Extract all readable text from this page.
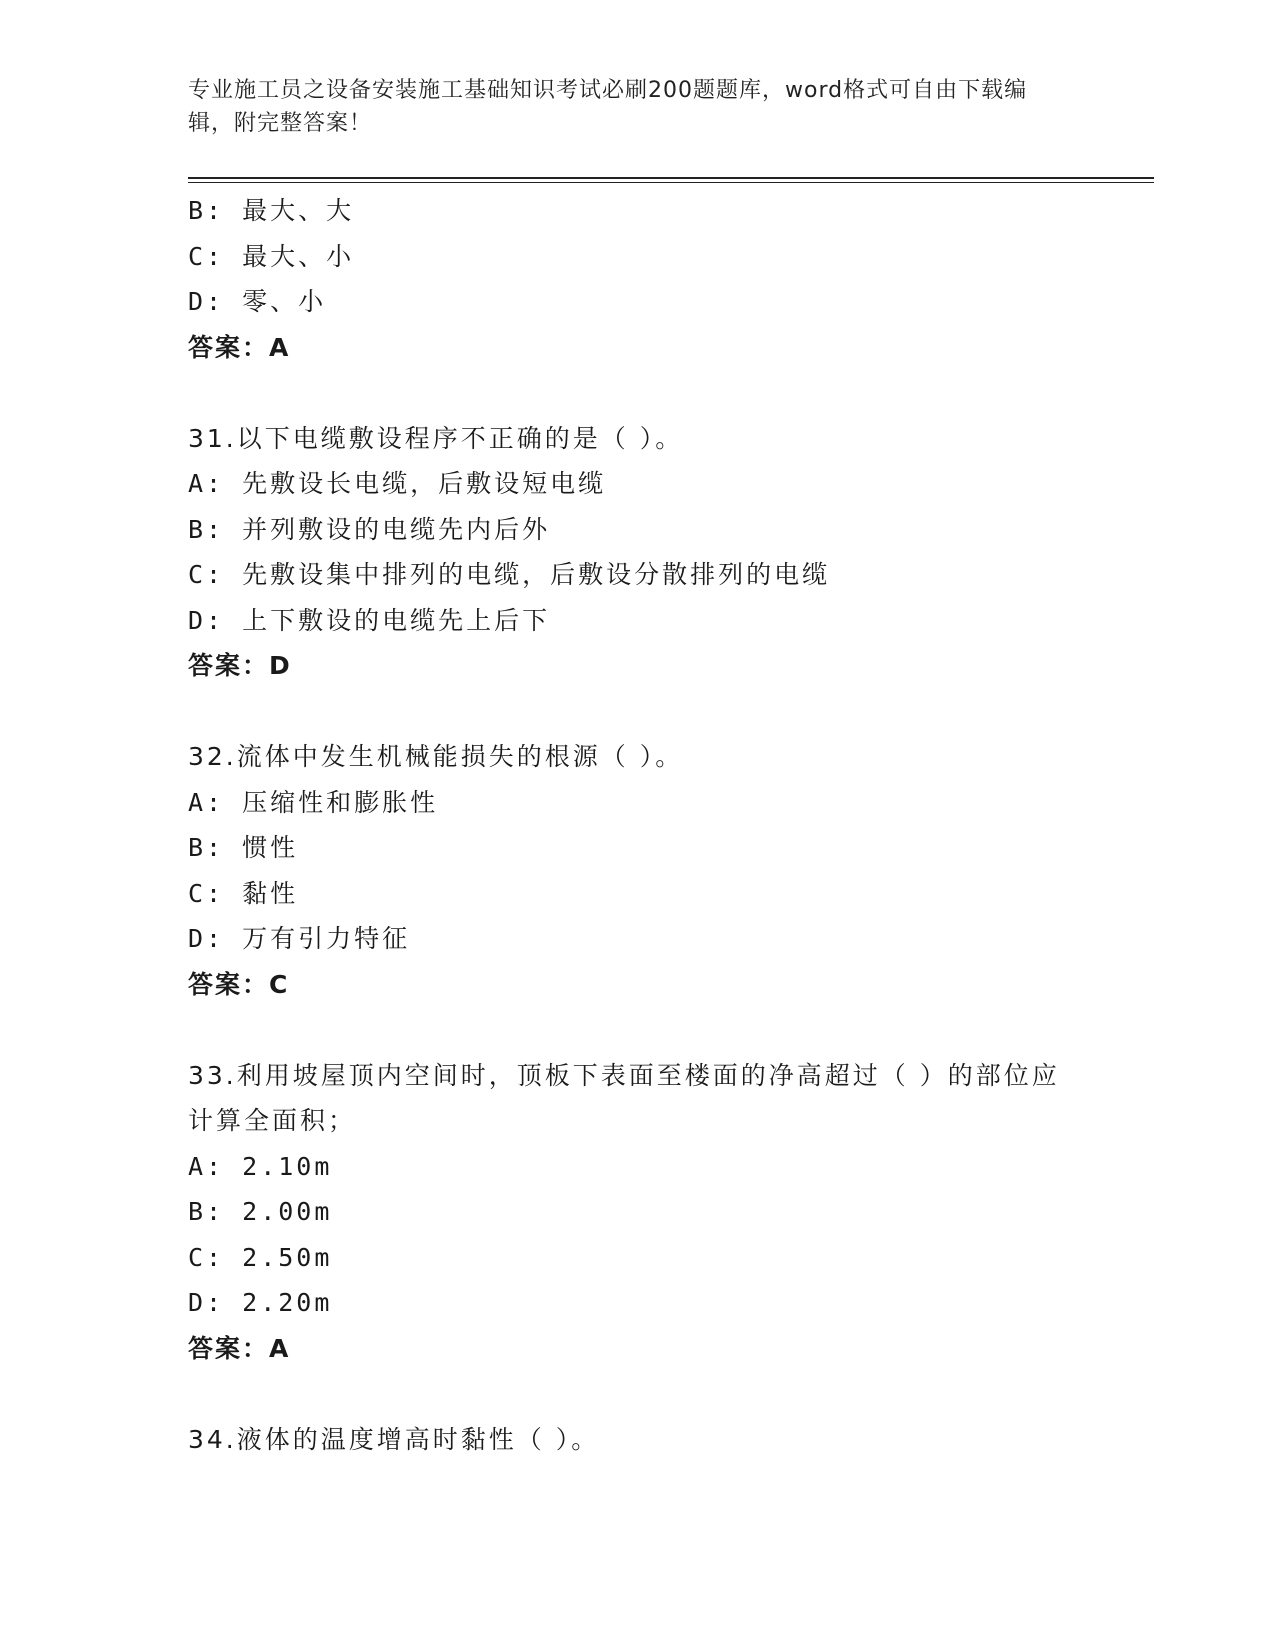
专业施工员之设备安装施工基础知识考试必刷200题题库，word格式可自由下载编辑，附完整答案！
B: 最大、大
C: 最大、小
D: 零、小
答案：A
31.以下电缆敷设程序不正确的是（ ）。
A: 先敷设长电缆，后敷设短电缆
B: 并列敷设的电缆先内后外
C: 先敷设集中排列的电缆，后敷设分散排列的电缆
D: 上下敷设的电缆先上后下
答案：D
32.流体中发生机械能损失的根源（ ）。
A: 压缩性和膨胀性
B: 惯性
C: 黏性
D: 万有引力特征
答案：C
33.利用坡屋顶内空间时，顶板下表面至楼面的净高超过（ ）的部位应计算全面积；
A: 2.10m
B: 2.00m
C: 2.50m
D: 2.20m
答案：A
34.液体的温度增高时黏性（ ）。
